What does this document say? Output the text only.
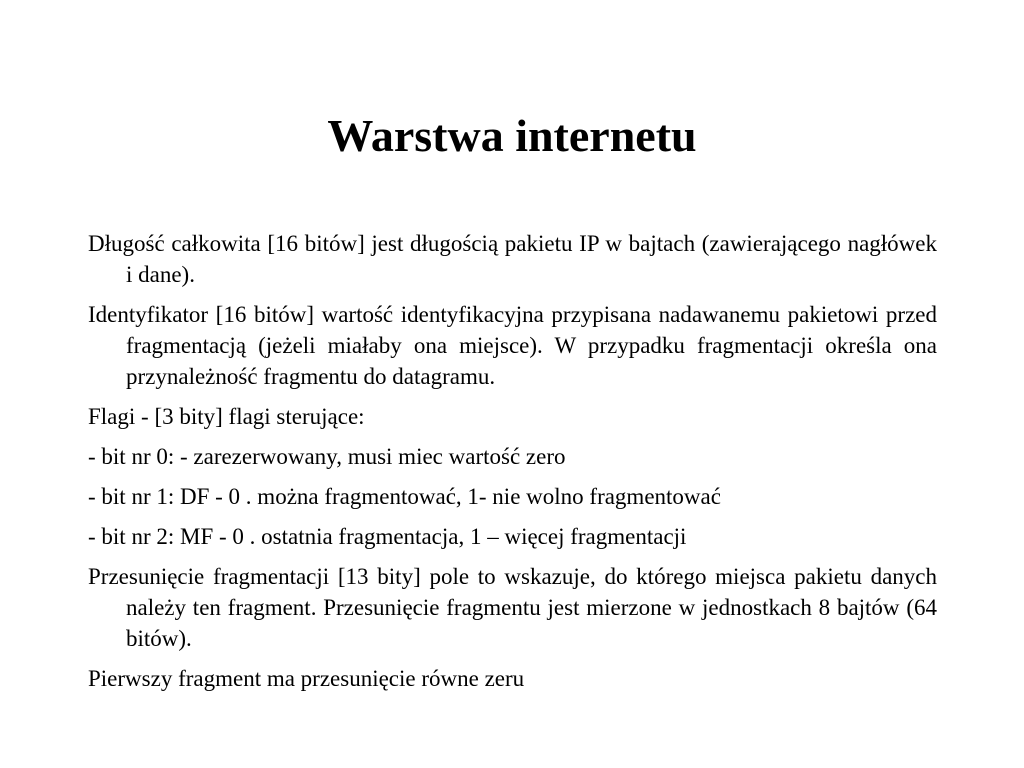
Warstwa internetu

Długość całkowita [16 bitów] jest długością pakietu IP w bajtach (zawierającego nagłówek i dane).

Identyfikator [16 bitów] wartość identyfikacyjna przypisana nadawanemu pakietowi przed fragmentacją (jeżeli miałaby ona miejsce). W przypadku fragmentacji określa ona przynależność fragmentu do datagramu.

Flagi - [3 bity] flagi sterujące:

- bit nr 0: - zarezerwowany, musi miec wartość zero

- bit nr 1: DF - 0 . można fragmentować, 1- nie wolno fragmentować

- bit nr 2: MF - 0 . ostatnia fragmentacja, 1 – więcej fragmentacji

Przesunięcie fragmentacji [13 bity] pole to wskazuje, do którego miejsca pakietu danych należy ten fragment. Przesunięcie fragmentu jest mierzone w jednostkach 8 bajtów (64 bitów).

Pierwszy fragment ma przesunięcie równe zeru
